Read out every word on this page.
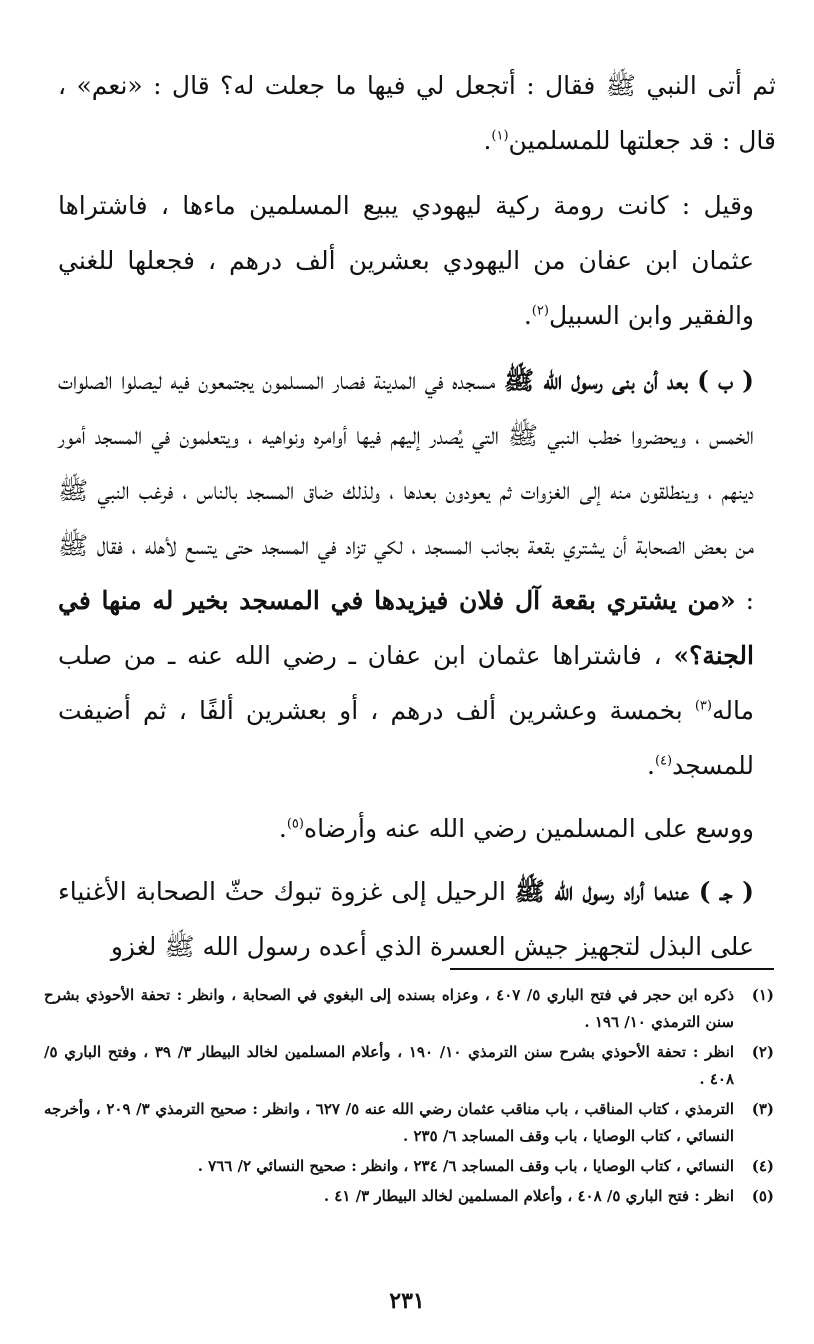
ثم أتى النبي ﷺ فقال : أتجعل لي فيها ما جعلت له؟ قال : «نعم» ، قال : قد جعلتها للمسلمين$^{(١)}$.

وقيل : كانت رومة ركية ليهودي يبيع المسلمين ماءها ، فاشتراها عثمان ابن عفان من اليهودي بعشرين ألف درهم ، فجعلها للغني والفقير وابن السبيل$^{(٢)}$.

( ب ) بعد أن بنى رسول الله ﷺ مسجده في المدينة فصار المسلمون يجتمعون فيه ليصلوا الصلوات الخمس ، ويحضروا خطب النبي ﷺ التي يُصدر إليهم فيها أوامره ونواهيه ، ويتعلمون في المسجد أمور دينهم ، وينطلقون منه إلى الغزوات ثم يعودون بعدها ، ولذلك ضاق المسجد بالناس ، فرغب النبي ﷺ من بعض الصحابة أن يشتري بقعة بجانب المسجد ، لكي تزاد في المسجد حتى يتسع لأهله ، فقال ﷺ : «من يشتري بقعة آل فلان فيزيدها في المسجد بخير له منها في الجنة؟» ، فاشتراها عثمان ابن عفان ـ رضي الله عنه ـ من صلب ماله$^{(٣)}$ بخمسة وعشرين ألف درهم ، أو بعشرين ألفًا ، ثم أضيفت للمسجد$^{(٤)}$.

ووسع على المسلمين رضي الله عنه وأرضاه$^{(٥)}$.

( جـ ) عندما أراد رسول الله ﷺ الرحيل إلى غزوة تبوك حثّ الصحابة الأغنياء على البذل لتجهيز جيش العسرة الذي أعده رسول الله ﷺ لغزو

(١)
ذكره ابن حجر في فتح الباري ٥/ ٤٠٧ ، وعزاه بسنده إلى البغوي في الصحابة ، وانظر : تحفة الأحوذي بشرح سنن الترمذي ١٠/ ١٩٦ .
(٢)
انظر : تحفة الأحوذي بشرح سنن الترمذي ١٠/ ١٩٠ ، وأعلام المسلمين لخالد البيطار ٣/ ٣٩ ، وفتح الباري ٥/ ٤٠٨ .
(٣)
الترمذي ، كتاب المناقب ، باب مناقب عثمان رضي الله عنه ٥/ ٦٢٧ ، وانظر : صحيح الترمذي ٣/ ٢٠٩ ، وأخرجه النسائي ، كتاب الوصايا ، باب وقف المساجد ٦/ ٢٣٥ .
(٤)
النسائي ، كتاب الوصايا ، باب وقف المساجد ٦/ ٢٣٤ ، وانظر : صحيح النسائي ٢/ ٧٦٦ .
(٥)
انظر : فتح الباري ٥/ ٤٠٨ ، وأعلام المسلمين لخالد البيطار ٣/ ٤١ .
٢٣١
